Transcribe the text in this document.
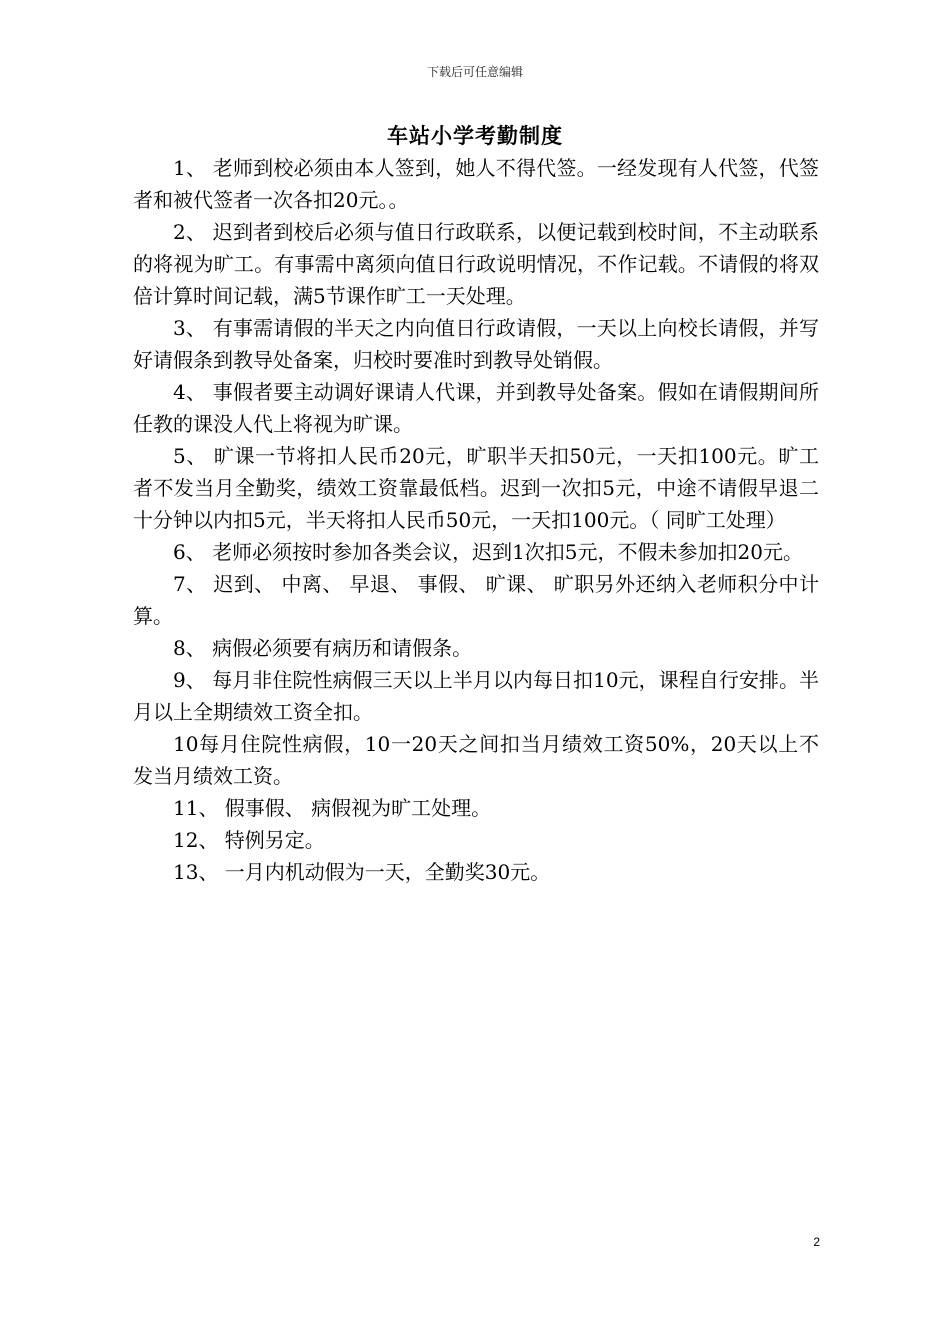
下载后可任意编辑
车站小学考勤制度

1、 老师到校必须由本人签到，她人不得代签。一经发现有人代签，代签者和被代签者一次各扣20元。。

2、 迟到者到校后必须与值日行政联系，以便记载到校时间，不主动联系的将视为旷工。有事需中离须向值日行政说明情况，不作记载。不请假的将双倍计算时间记载，满5节课作旷工一天处理。

3、 有事需请假的半天之内向值日行政请假，一天以上向校长请假，并写好请假条到教导处备案，归校时要准时到教导处销假。

4、 事假者要主动调好课请人代课，并到教导处备案。假如在请假期间所任教的课没人代上将视为旷课。

5、 旷课一节将扣人民币20元，旷职半天扣50元，一天扣100元。旷工者不发当月全勤奖，绩效工资靠最低档。迟到一次扣5元，中途不请假早退二十分钟以内扣5元，半天将扣人民币50元，一天扣100元。（ 同旷工处理）

6、 老师必须按时参加各类会议，迟到1次扣5元，不假未参加扣20元。

7、 迟到、 中离、 早退、 事假、 旷课、 旷职另外还纳入老师积分中计算。

8、 病假必须要有病历和请假条。

9、 每月非住院性病假三天以上半月以内每日扣10元，课程自行安排。半月以上全期绩效工资全扣。

10每月住院性病假，10一20天之间扣当月绩效工资50%，20天以上不发当月绩效工资。

11、 假事假、 病假视为旷工处理。

12、 特例另定。

13、 一月内机动假为一天，全勤奖30元。

2
